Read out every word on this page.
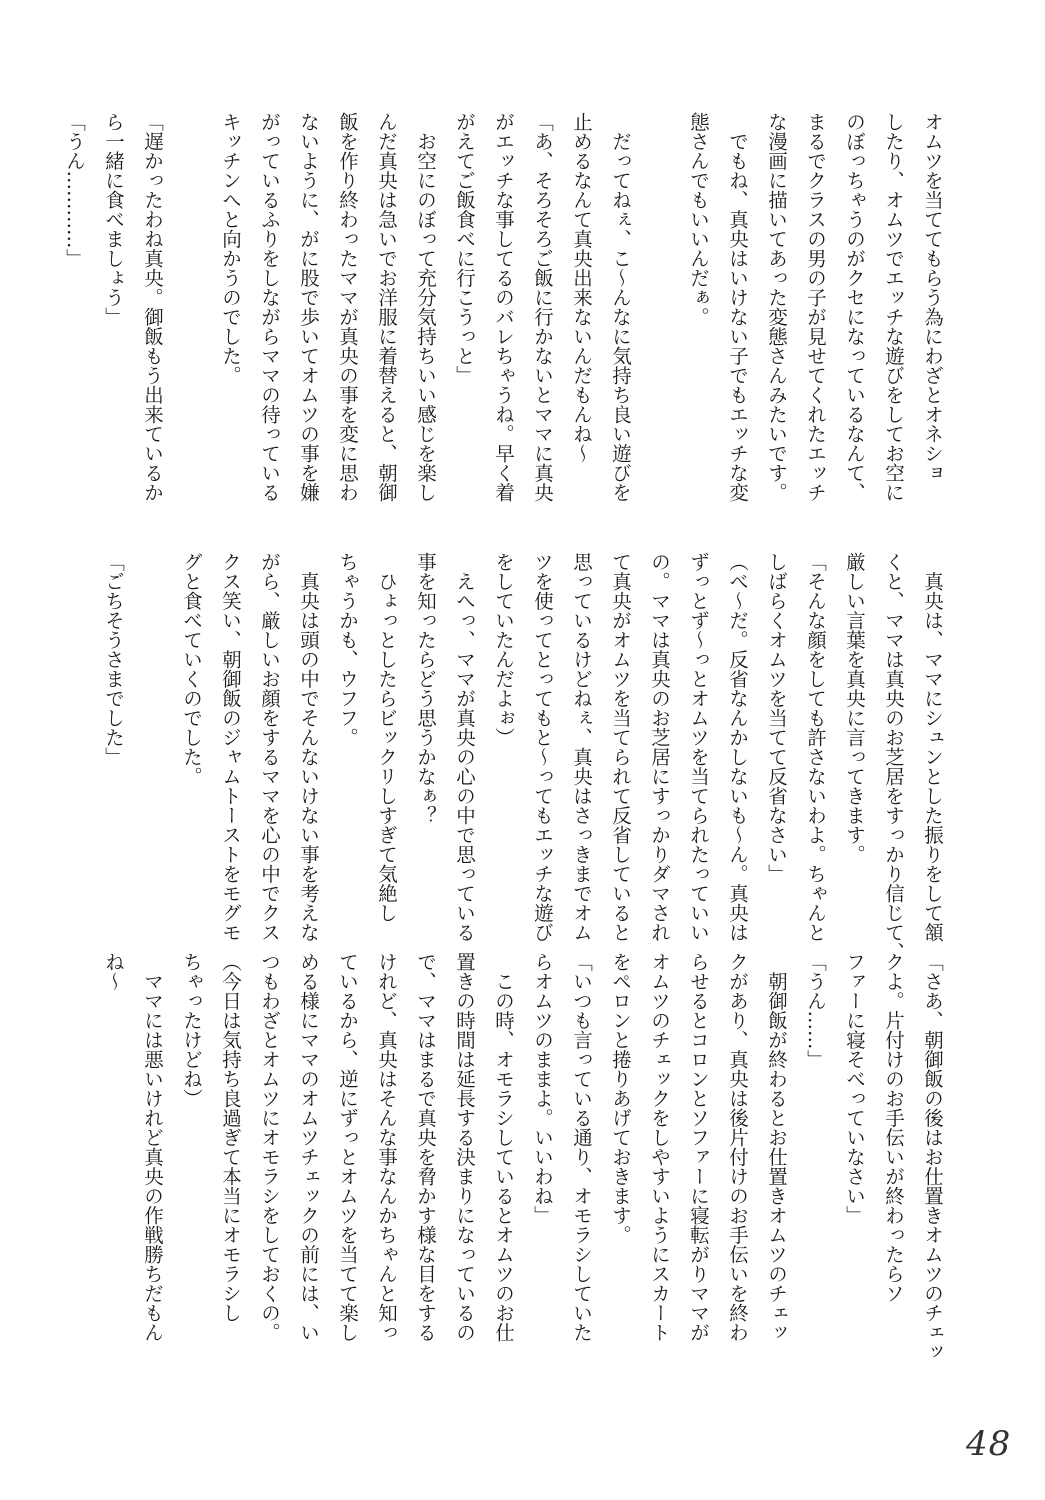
オムツを当ててもらう為にわざとオネショ
したり、オムツでエッチな遊びをしてお空に
のぼっちゃうのがクセになっているなんて、
まるでクラスの男の子が見せてくれたエッチ
な漫画に描いてあった変態さんみたいです。
　でもね、真央はいけない子でもエッチな変
態さんでもいいんだぁ。

　だってねぇ、こ～んなに気持ち良い遊びを
止めるなんて真央出来ないんだもんね～
「あ、そろそろご飯に行かないとママに真央
がエッチな事してるのバレちゃうね。早く着
がえてご飯食べに行こうっと」
　お空にのぼって充分気持ちいい感じを楽し
んだ真央は急いでお洋服に着替えると、朝御
飯を作り終わったママが真央の事を変に思わ
ないように、がに股で歩いてオムツの事を嫌
がっているふりをしながらママの待っている
キッチンへと向かうのでした。

「遅かったわね真央。御飯もう出来ているか
ら一緒に食べましょう」
「うん…………」
　真央は、ママにシュンとした振りをして頷
くと、ママは真央のお芝居をすっかり信じて、
厳しい言葉を真央に言ってきます。
「そんな顔をしても許さないわよ。ちゃんと
しばらくオムツを当てて反省なさい」
（べ～だ。反省なんかしないも～ん。真央は
ずっとず～っとオムツを当てられたっていい
の。ママは真央のお芝居にすっかりダマされ
て真央がオムツを当てられて反省していると
思っているけどねぇ、真央はさっきまでオム
ツを使ってとってもと～ってもエッチな遊び
をしていたんだよぉ）
　えへっ、ママが真央の心の中で思っている
事を知ったらどう思うかなぁ？
　ひょっとしたらビックリしすぎて気絶し
ちゃうかも、ウフフ。
　真央は頭の中でそんないけない事を考えな
がら、厳しいお顔をするママを心の中でクス
クス笑い、朝御飯のジャムトーストをモグモ
グと食べていくのでした。

「ごちそうさまでした」
「さあ、朝御飯の後はお仕置きオムツのチェッ
クよ。片付けのお手伝いが終わったらソ
ファーに寝そべっていなさい」
「うん……」
　朝御飯が終わるとお仕置きオムツのチェッ
クがあり、真央は後片付けのお手伝いを終わ
らせるとコロンとソファーに寝転がりママが
オムツのチェックをしやすいようにスカート
をペロンと捲りあげておきます。
「いつも言っている通り、オモラシしていた
らオムツのままよ。いいわね」
　この時、オモラシしているとオムツのお仕
置きの時間は延長する決まりになっているの
で、ママはまるで真央を脅かす様な目をする
けれど、真央はそんな事なんかちゃんと知っ
ているから、逆にずっとオムツを当てて楽し
める様にママのオムツチェックの前には、い
つもわざとオムツにオモラシをしておくの。
（今日は気持ち良過ぎて本当にオモラシし
ちゃったけどね）
　ママには悪いけれど真央の作戦勝ちだもん
ね～
48
